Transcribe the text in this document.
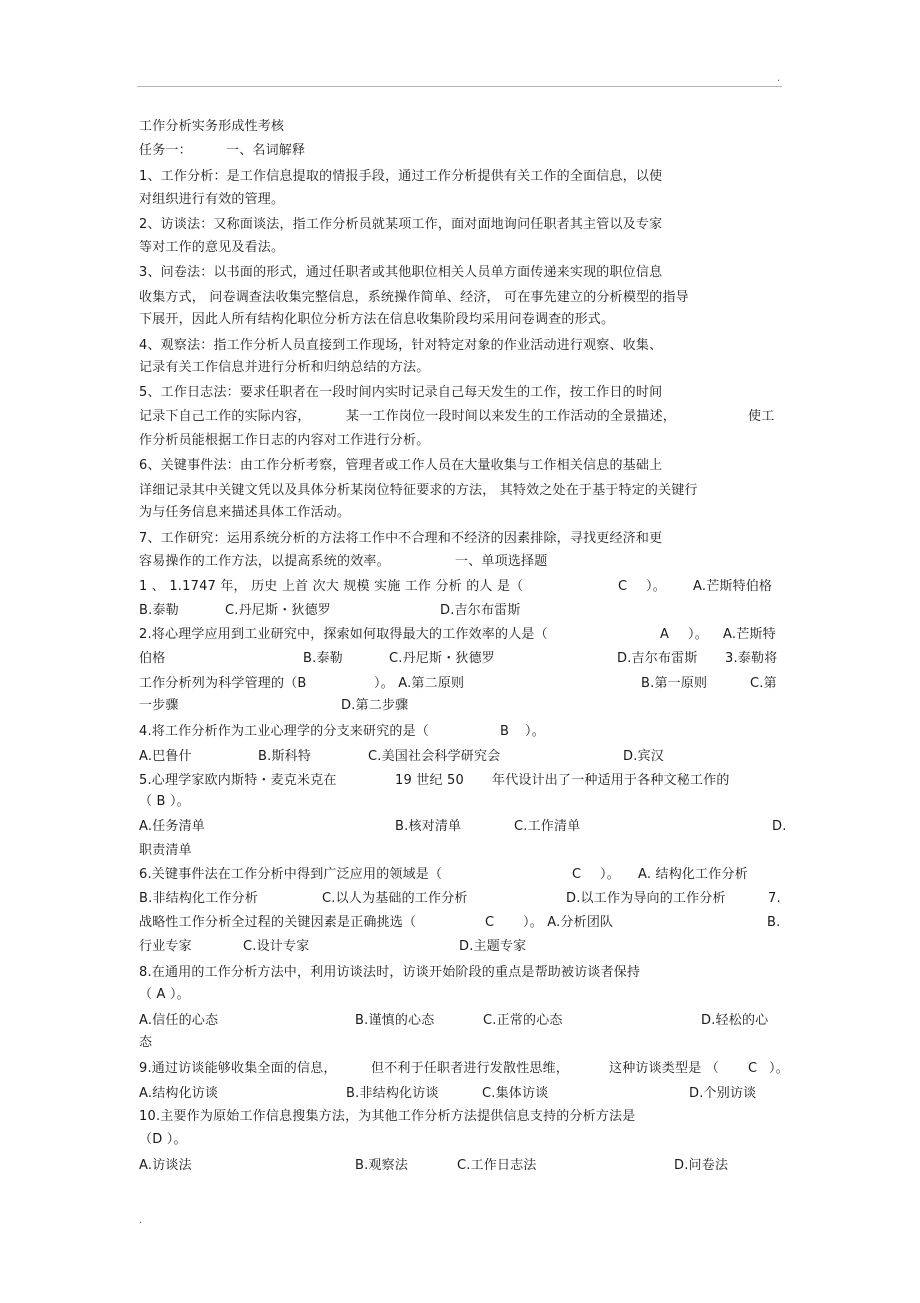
.
工作分析实务形成性考核
任务一：	一、名词解释
1、工作分析：是工作信息提取的情报手段，通过工作分析提供有关工作的全面信息，以使
对组织进行有效的管理。
2、访谈法：又称面谈法，指工作分析员就某项工作，面对面地询问任职者其主管以及专家
等对工作的意见及看法。
3、问卷法：以书面的形式，通过任职者或其他职位相关人员单方面传递来实现的职位信息
收集方式， 问卷调查法收集完整信息，系统操作简单、经济， 可在事先建立的分析模型的指导
下展开，因此人所有结构化职位分析方法在信息收集阶段均采用问卷调查的形式。
4、观察法：指工作分析人员直接到工作现场，针对特定对象的作业活动进行观察、收集、
记录有关工作信息并进行分析和归纳总结的方法。
5、工作日志法：要求任职者在一段时间内实时记录自己每天发生的工作，按工作日的时间
记录下自己工作的实际内容，	某一工作岗位一段时间以来发生的工作活动的全景描述，	使工
作分析员能根据工作日志的内容对工作进行分析。
6、关键事件法：由工作分析考察，管理者或工作人员在大量收集与工作相关信息的基础上
详细记录其中关键文凭以及具体分析某岗位特征要求的方法， 其特效之处在于基于特定的关键行
为与任务信息来描述具体工作活动。
7、工作研究：运用系统分析的方法将工作中不合理和不经济的因素排除，寻找更经济和更
容易操作的工作方法，以提高系统的效率。	一、单项选择题
1 、 1.1747 年， 历史 上首 次大 规模 实施 工作 分析 的人 是（	C ）。 A.芒斯特伯格
B.泰勒	C.丹尼斯・狄德罗	D.吉尔布雷斯
2.将心理学应用到工业研究中，探索如何取得最大的工作效率的人是（	A ）。 A.芒斯特
伯格	B.泰勒	C.丹尼斯・狄德罗	D.吉尔布雷斯 3.泰勒将
工作分析列为科学管理的（B	）。 A.第二原则	B.第一原则	C.第
一步骤	D.第二步骤
4.将工作分析作为工业心理学的分支来研究的是（	B ）。
A.巴鲁什	B.斯科特	C.美国社会科学研究会	D.宾汉
5.心理学家欧内斯特・麦克米克在	19 世纪 50 年代设计出了一种适用于各种文秘工作的
（ B ）。
A.任务清单	B.核对清单	C.工作清单	D.
职责清单
6.关键事件法在工作分析中得到广泛应用的领域是（	C ）。 A. 结构化工作分析
B.非结构化工作分析	C.以人为基础的工作分析	D.以工作为导向的工作分析	7.
战略性工作分析全过程的关键因素是正确挑选（	C ）。 A.分析团队	B.
行业专家	C.设计专家	D.主题专家
8.在通用的工作分析方法中，利用访谈法时，访谈开始阶段的重点是帮助被访谈者保持
（ A ）。
A.信任的心态	B.谨慎的心态	C.正常的心态	D.轻松的心
态
9.通过访谈能够收集全面的信息，	但不利于任职者进行发散性思维，	这种访谈类型是 （ C ）。
A.结构化访谈	B.非结构化访谈	C.集体访谈	D.个别访谈
10.主要作为原始工作信息搜集方法，为其他工作分析方法提供信息支持的分析方法是
（D ）。
A.访谈法	B.观察法	C.工作日志法	D.问卷法
.
